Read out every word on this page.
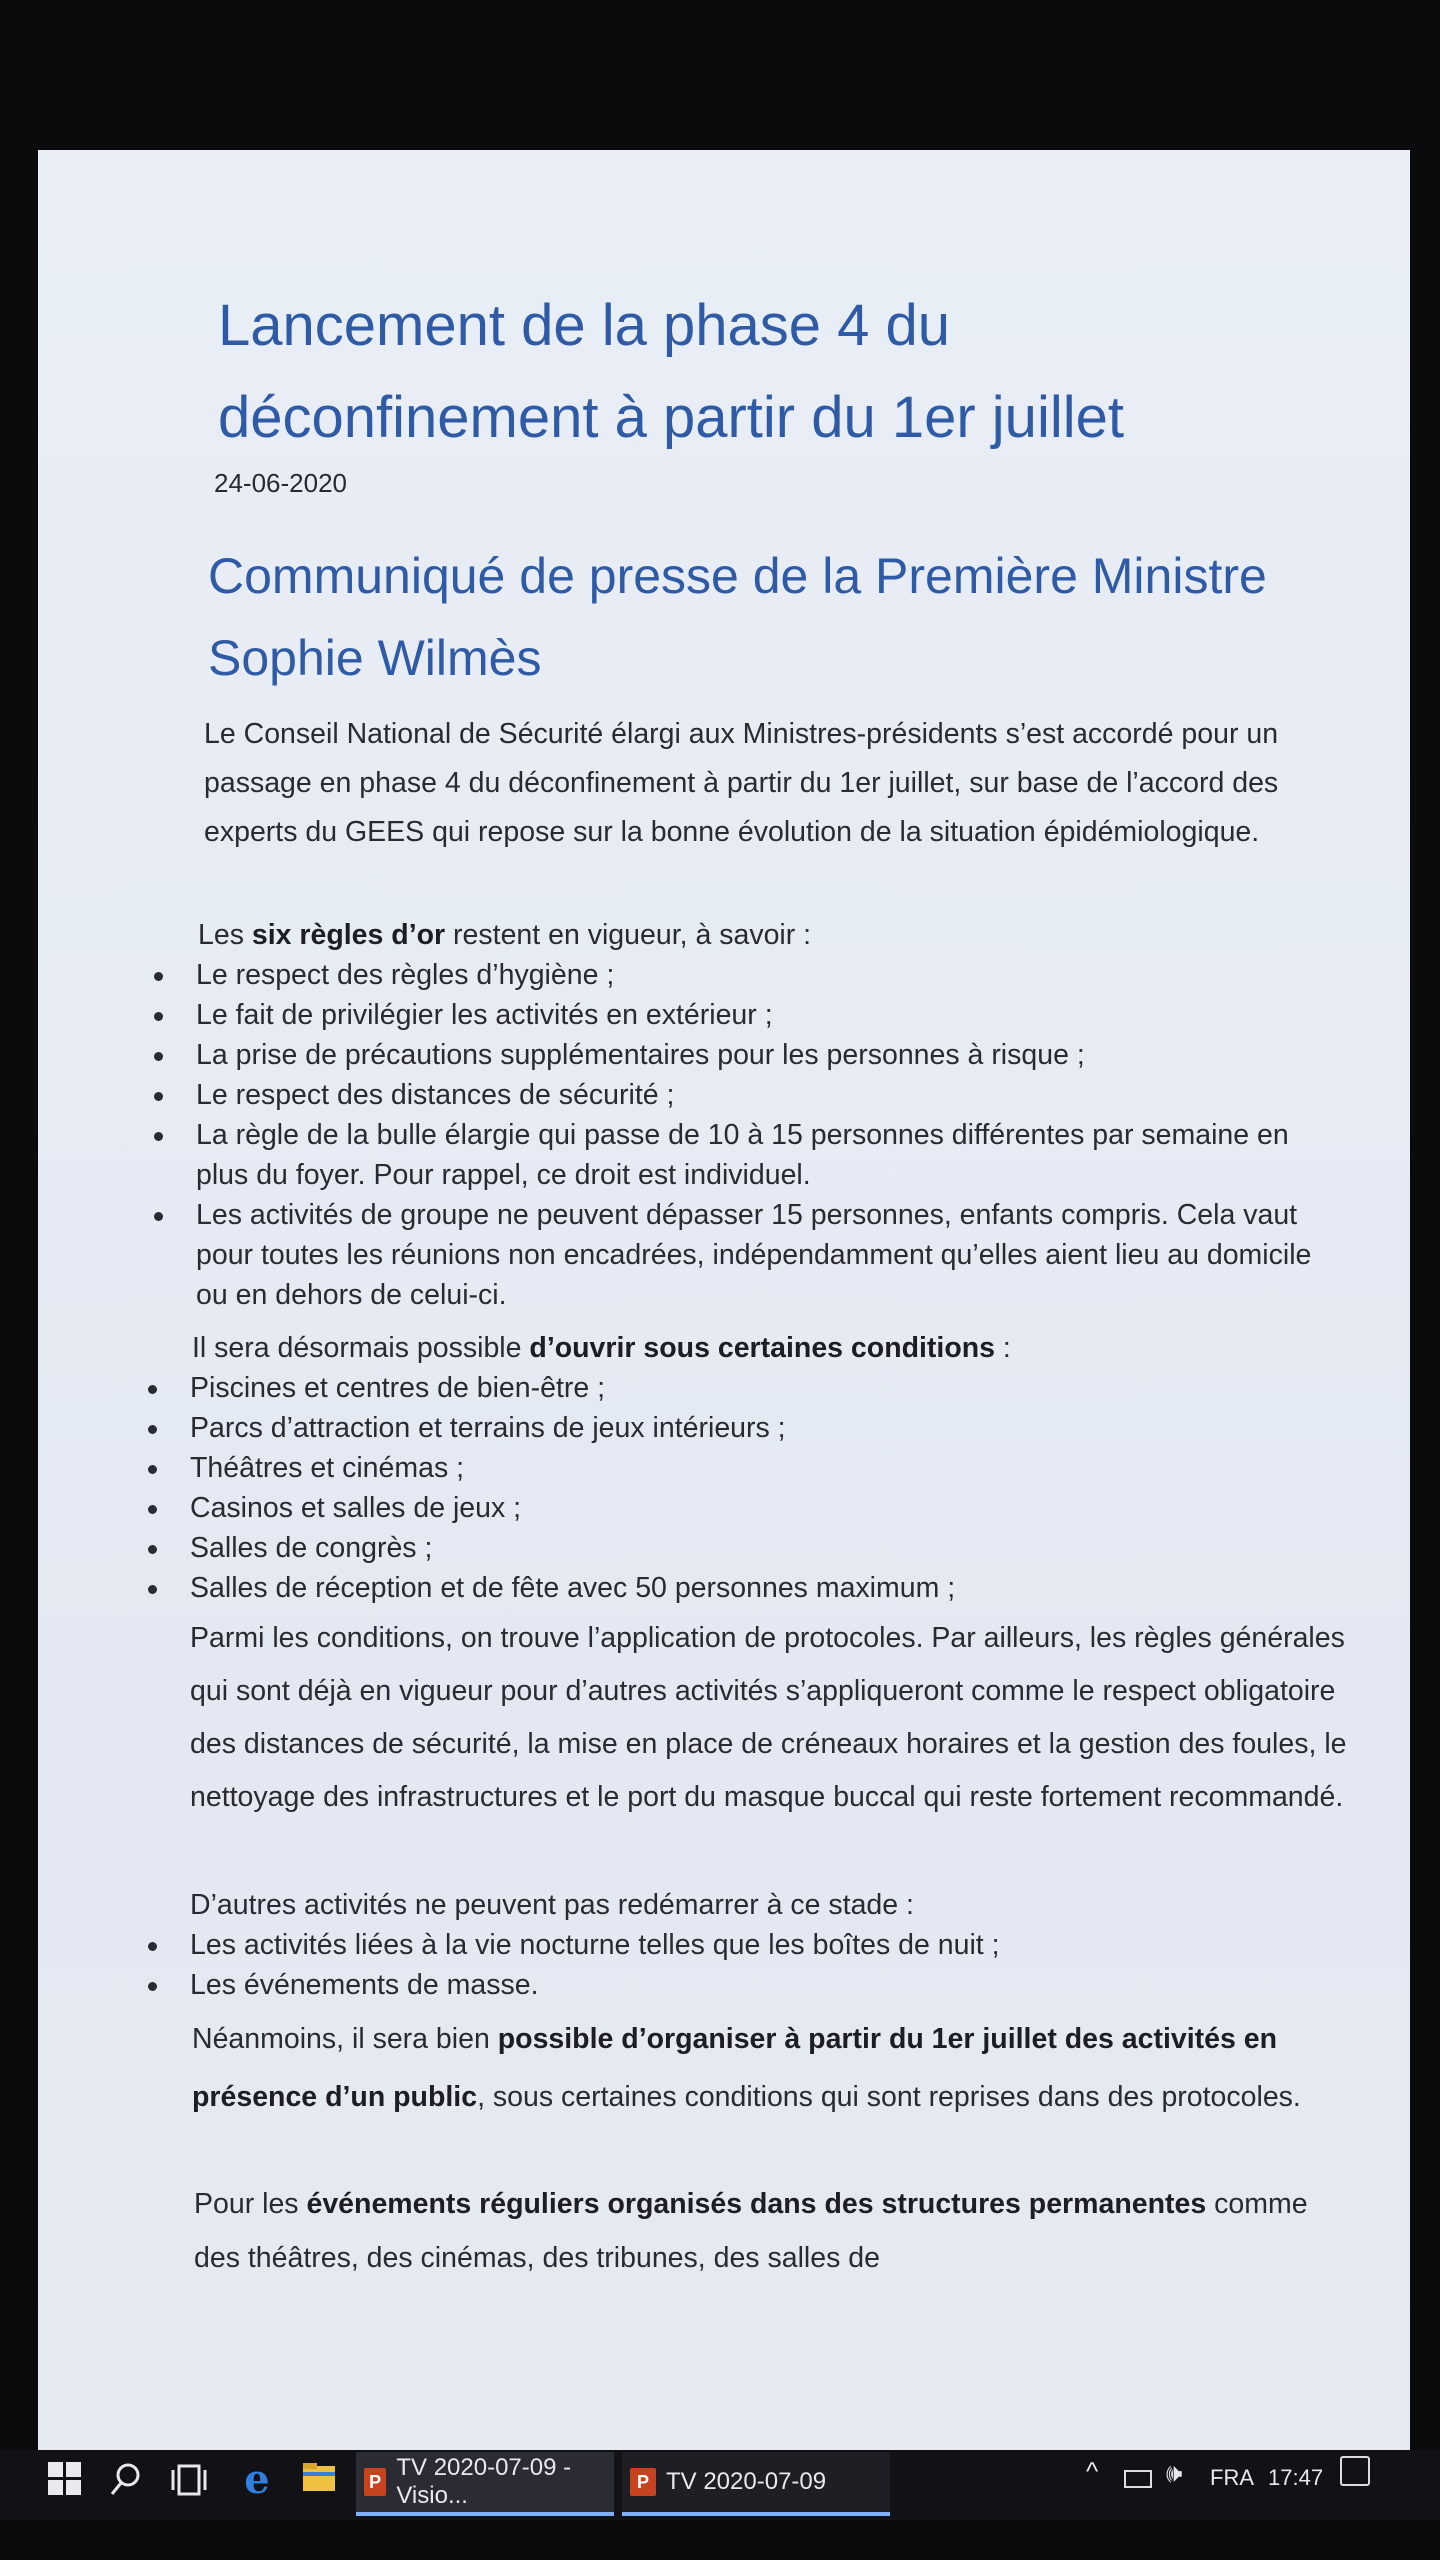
Lancement de la phase 4 du déconfinement à partir du 1er juillet
24-06-2020
Communiqué de presse de la Première Ministre Sophie Wilmès

Le Conseil National de Sécurité élargi aux Ministres-présidents s’est accordé pour un passage en phase 4 du déconfinement à partir du 1er juillet, sur base de l’accord des experts du GEES qui repose sur la bonne évolution de la situation épidémiologique.

Les six règles d’or restent en vigueur, à savoir :

Le respect des règles d’hygiène ;
Le fait de privilégier les activités en extérieur ;
La prise de précautions supplémentaires pour les personnes à risque ;
Le respect des distances de sécurité ;
La règle de la bulle élargie qui passe de 10 à 15 personnes différentes par semaine en plus du foyer. Pour rappel, ce droit est individuel.
Les activités de groupe ne peuvent dépasser 15 personnes, enfants compris. Cela vaut pour toutes les réunions non encadrées, indépendamment qu’elles aient lieu au domicile ou en dehors de celui-ci.

Il sera désormais possible d’ouvrir sous certaines conditions :

Piscines et centres de bien-être ;
Parcs d’attraction et terrains de jeux intérieurs ;
Théâtres et cinémas ;
Casinos et salles de jeux ;
Salles de congrès ;
Salles de réception et de fête avec 50 personnes maximum ;

Parmi les conditions, on trouve l’application de protocoles. Par ailleurs, les règles générales qui sont déjà en vigueur pour d’autres activités s’appliqueront comme le respect obligatoire des distances de sécurité, la mise en place de créneaux horaires et la gestion des foules, le nettoyage des infrastructures et le port du masque buccal qui reste fortement recommandé.

D’autres activités ne peuvent pas redémarrer à ce stade :

Les activités liées à la vie nocturne telles que les boîtes de nuit ;
Les événements de masse.

Néanmoins, il sera bien possible d’organiser à partir du 1er juillet des activités en présence d’un public, sous certaines conditions qui sont reprises dans des protocoles.

Pour les événements réguliers organisés dans des structures permanentes comme des théâtres, des cinémas, des tribunes, des salles de

e	P
TV 2020-07-09 - Visio...
P TV 2020-07-09	^	🕪 FRA 17:47
